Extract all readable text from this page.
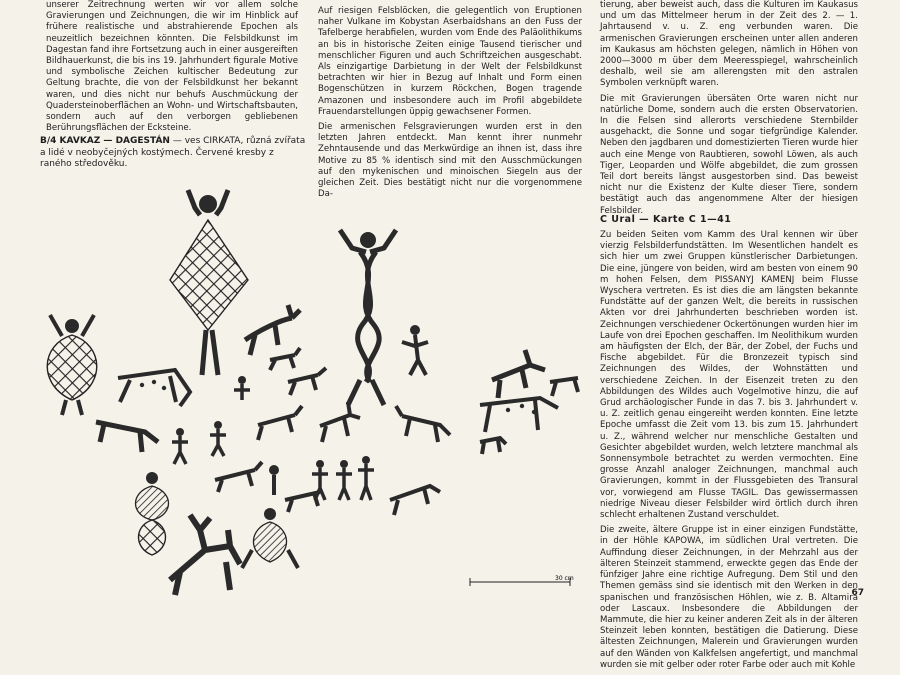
unserer Zeitrechnung werten wir vor allem solche Gravierungen und Zeichnungen, die wir im Hinblick auf frühere realistische und abstrahierende Epochen als neuzeitlich bezeichnen könnten. Die Felsbildkunst im Dagestan fand ihre Fortsetzung auch in einer ausgereiften Bildhauerkunst, die bis ins 19. Jahrhundert figurale Motive und symbolische Zeichen kultischer Bedeutung zur Geltung brachte, die von der Felsbildkunst her bekannt waren, und dies nicht nur behufs Auschmückung der Quadersteinoberflächen an Wohn- und Wirtschaftsbauten, sondern auch auf den verborgen gebliebenen Berührungsflächen der Ecksteine.

B/4 KAVKAZ — DAGESTÁN — ves CIRKATA, různá zvířata a lidé v neobyčejných kostýmech. Červené kresby z raného středověku.

Auf riesigen Felsblöcken, die gelegentlich von Eruptionen naher Vulkane im Kobystan Aserbaidshans an den Fuss der Tafelberge herabfielen, wurden vom Ende des Paläolithikums an bis in historische Zeiten einige Tausend tierischer und menschlicher Figuren und auch Schriftzeichen ausgeschabt. Als einzigartige Darbietung in der Welt der Felsbildkunst betrachten wir hier in Bezug auf Inhalt und Form einen Bogenschützen in kurzem Röckchen, Bogen tragende Amazonen und insbesondere auch im Profil abgebildete Frauendarstellungen üppig gewachsener Formen.

Die armenischen Felsgravierungen wurden erst in den letzten Jahren entdeckt. Man kennt ihrer nunmehr Zehntausende und das Merkwürdige an ihnen ist, dass ihre Motive zu 85 % identisch sind mit den Ausschmückungen auf den mykenischen und minoischen Siegeln aus der gleichen Zeit. Dies bestätigt nicht nur die vorgenommene Da-

tierung, aber beweist auch, dass die Kulturen im Kaukasus und um das Mittelmeer herum in der Zeit des 2. — 1. Jahrtausend v. u. Z. eng verbunden waren. Die armenischen Gravierungen erscheinen unter allen anderen im Kaukasus am höchsten gelegen, nämlich in Höhen von 2000—3000 m über dem Meeresspiegel, wahrscheinlich deshalb, weil sie am allerengsten mit den astralen Symbolen verknüpft waren.

Die mit Gravierungen übersäten Orte waren nicht nur natürliche Dome, sondern auch die ersten Observatorien. In die Felsen sind allerorts verschiedene Sternbilder ausgehackt, die Sonne und sogar tiefgründige Kalender. Neben den jagdbaren und domestizierten Tieren wurde hier auch eine Menge von Raubtieren, sowohl Löwen, als auch Tiger, Leoparden und Wölfe abgebildet, die zum grossen Teil dort bereits längst ausgestorben sind. Das beweist nicht nur die Existenz der Kulte dieser Tiere, sondern bestätigt auch das angenommene Alter der hiesigen Felsbilder.

C Ural — Karte C 1—41

Zu beiden Seiten vom Kamm des Ural kennen wir über vierzig Felsbilderfundstätten. Im Wesentlichen handelt es sich hier um zwei Gruppen künstlerischer Darbietungen. Die eine, jüngere von beiden, wird am besten von einem 90 m hohen Felsen, dem PISSANYJ KAMENJ beim Flusse Wyschera vertreten. Es ist dies die am längsten bekannte Fundstätte auf der ganzen Welt, die bereits in russischen Akten vor drei Jahrhunderten beschrieben worden ist. Zeichnungen verschiedener Ockertönungen wurden hier im Laufe von drei Epochen geschaffen. Im Neolithikum wurden am häufigsten der Elch, der Bär, der Zobel, der Fuchs und Fische abgebildet. Für die Bronzezeit typisch sind Zeichnungen des Wildes, der Wohnstätten und verschiedene Zeichen. In der Eisenzeit treten zu den Abbildungen des Wildes auch Vogelmotive hinzu, die auf Grud archäologischer Funde in das 7. bis 3. Jahrhundert v. u. Z. zeitlich genau eingereiht werden konnten. Eine letzte Epoche umfasst die Zeit vom 13. bis zum 15. Jahrhundert u. Z., während welcher nur menschliche Gestalten und Gesichter abgebildet wurden, welch letztere manchmal als Sonnensymbole betrachtet zu werden vermochten. Eine grosse Anzahl analoger Zeichnungen, manchmal auch Gravierungen, kommt in der Flussgebieten des Transural vor, vorwiegend am Flusse TAGIL. Das gewissermassen niedrige Niveau dieser Felsbilder wird örtlich durch ihren schlecht erhaltenen Zustand verschuldet.

Die zweite, ältere Gruppe ist in einer einzigen Fundstätte, in der Höhle KAPOWA, im südlichen Ural vertreten. Die Auffindung dieser Zeichnungen, in der Mehrzahl aus der älteren Steinzeit stammend, erweckte gegen das Ende der fünfziger Jahre eine richtige Aufregung. Dem Stil und den Themen gemäss sind sie identisch mit den Werken in den spanischen und französischen Höhlen, wie z. B. Altamira oder Lascaux. Insbesondere die Abbildungen der Mammute, die hier zu keiner anderen Zeit als in der älteren Steinzeit leben konnten, bestätigen die Datierung. Diese ältesten Zeichnungen, Malerein und Gravierungen wurden auf den Wänden von Kalkfelsen angefertigt, und manchmal wurden sie mit gelber oder roter Farbe oder auch mit Kohle

67
30 cm
